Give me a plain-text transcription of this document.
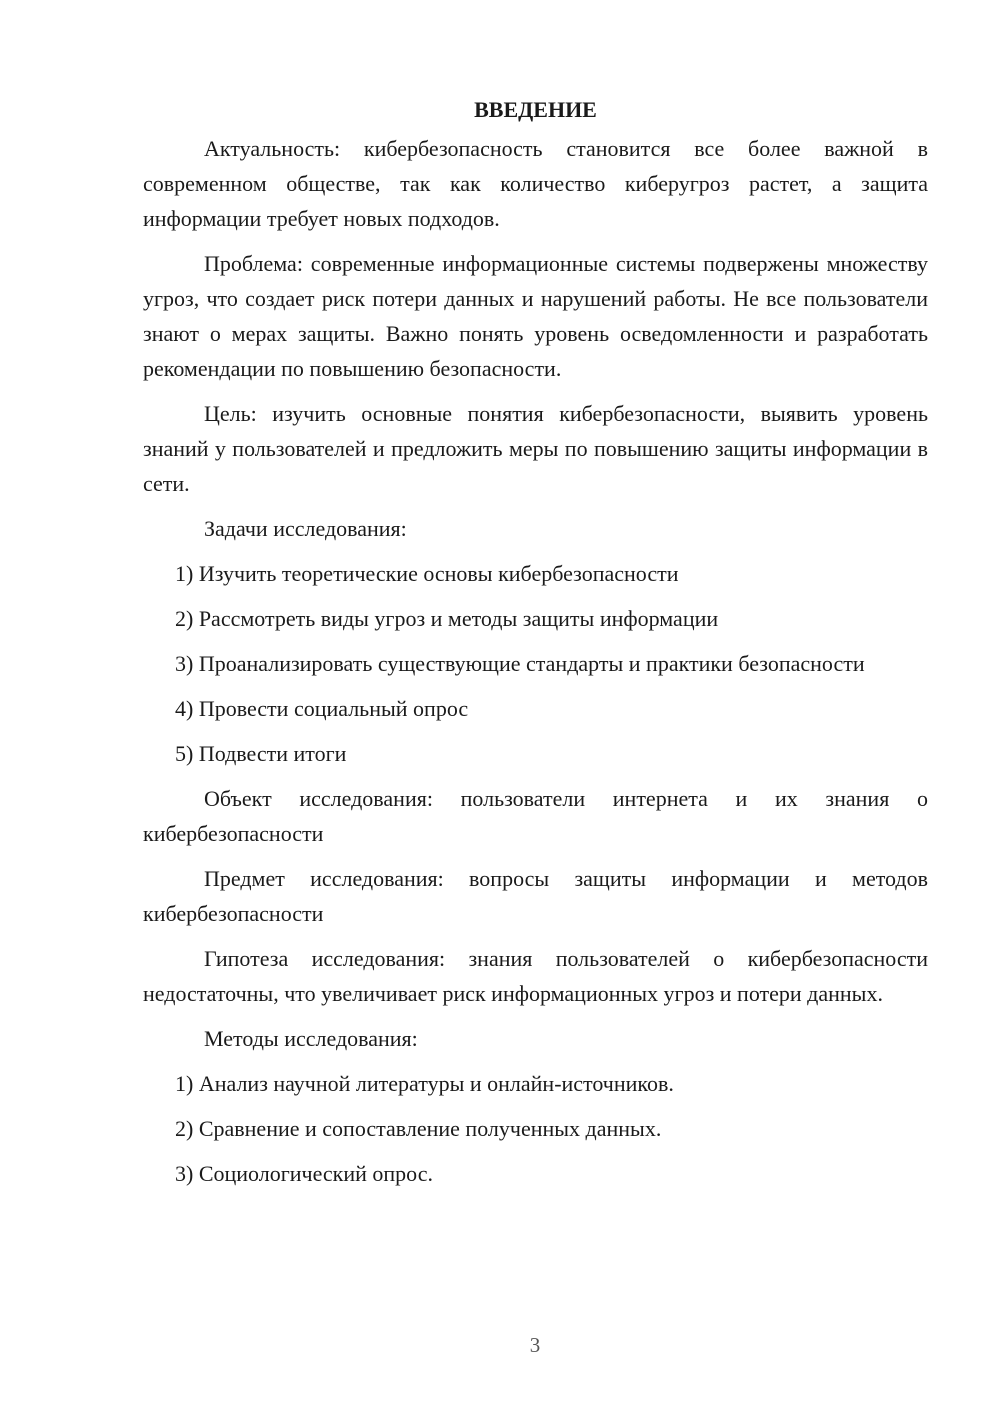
ВВЕДЕНИЕ

Актуальность: кибербезопасность становится все более важной в современном обществе, так как количество киберугроз растет, а защита информации требует новых подходов.

Проблема: современные информационные системы подвержены множеству угроз, что создает риск потери данных и нарушений работы. Не все пользователи знают о мерах защиты. Важно понять уровень осведомленности и разработать рекомендации по повышению безопасности.

Цель: изучить основные понятия кибербезопасности, выявить уровень знаний у пользователей и предложить меры по повышению защиты информации в сети.

Задачи исследования:

1) Изучить теоретические основы кибербезопасности

2) Рассмотреть виды угроз и методы защиты информации

3) Проанализировать существующие стандарты и практики безопасности

4) Провести социальный опрос

5) Подвести итоги

Объект исследования: пользователи интернета и их знания о кибербезопасности

Предмет исследования: вопросы защиты информации и методов кибербезопасности

Гипотеза исследования: знания пользователей о кибербезопасности недостаточны, что увеличивает риск информационных угроз и потери данных.

Методы исследования:

1) Анализ научной литературы и онлайн-источников.

2) Сравнение и сопоставление полученных данных.

3) Социологический опрос.

3
